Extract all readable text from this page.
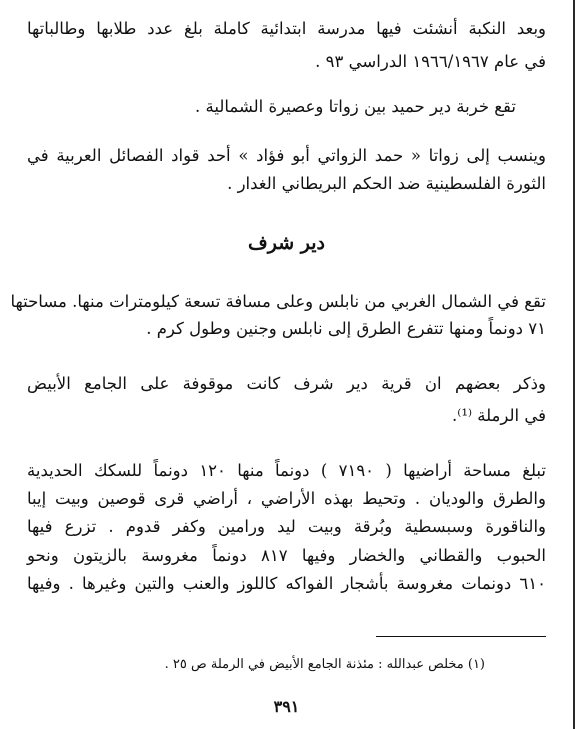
وبعد النكبة أنشئت فيها مدرسة ابتدائية كاملة بلغ عدد طلابها وطالباتها
في عام ١٩٦٦/١٩٦٧ الدراسي ٩٣ .
تقع خربة دير حميد بين زواتا وعصيرة الشمالية .
وينسب إلى زواتا « حمد الزواتي أبو فؤاد » أحد قواد الفصائل العربية في
الثورة الفلسطينية ضد الحكم البريطاني الغدار .
دير شرف
تقع في الشمال الغربي من نابلس وعلى مسافة تسعة كيلومترات منها. مساحتها
٧١ دونماً ومنها تتفرع الطرق إلى نابلس وجنين وطول كرم .
وذكر بعضهم ان قرية دير شرف كانت موقوفة على الجامع الأبيض
في الرملة ⁽¹⁾.
تبلغ مساحة أراضيها ( ٧١٩٠ ) دونماً منها ١٢٠ دونماً للسكك الحديدية
والطرق والوديان . وتحيط بهذه الأراضي ، أراضي قرى قوصين وبيت إيبا
والناقورة وسبسطية وبُرقة وبيت ليد ورامين وكفر قدوم . تزرع فيها
الحبوب والقطاني والخضار وفيها ٨١٧ دونماً مغروسة بالزيتون ونحو
٦١٠ دونمات مغروسة بأشجار الفواكه كاللوز والعنب والتين وغيرها . وفيها
(١) مخلص عبدالله : مئذنة الجامع الأبيض في الرملة ص ٢٥ .
٣٩١
